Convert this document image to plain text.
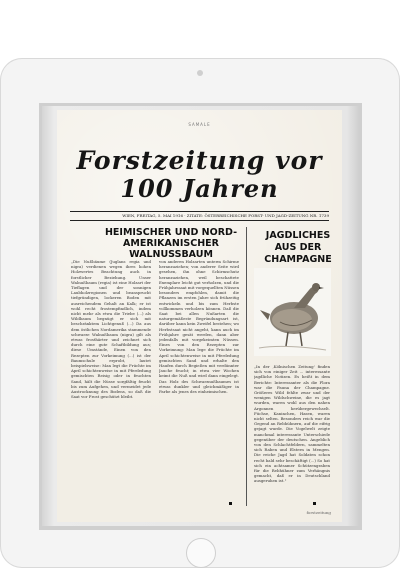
SAMALE
Forstzeitung vor
100 Jahren
WIEN, FREITAG, 5. MAI 1916 · ZITATE: ÖSTERREICHISCHE FORST- UND JAGD-ZEITUNG NR. 1739
HEIMISCHER UND NORD-AMERIKANISCHER WALNUSSBAUM
„Die Nußbäume (Juglans regia und nigra) verdienen wegen ihres hohen Holzwertes Beachtung auch in forstlicher Beziehung. Unser Walnußbaum (regia) ist eine Holzart der Tieflagen und der sonnigen Laubholzregionen und beansprucht tiefgründigen, lockeren Boden mit ausreichendem Gehalt an Kalk; er ist wohl recht frostempfindlich, indem nicht mehr als etwa die Triebe (...) als Wildbaum begnügt er sich mit beschränktem Lichtgenuß (...) Da aus dem östlichen Nordamerika stammende schwarze Walnußbaum (nigra) gilt als etwas frosthärter und zeichnet sich durch eine gute Schaftbildung aus; diese Umstände, Einen von den Rezepten zur Vorkeimung (...) ist der Baumschule erprobt, lautet beispielsweise: Man legt die Früchte im April schichtenweise in mit Pferdedung gemischten Reisig oder in feuchten Sand, hält die Nüsse sorgfältig feucht bis zum Aufgehen, und vermeidet jede Austrocknung des Bodens, so daß die Saat vor Frost geschützt bleibt.
von anderen Holzarten unterm Schirme heranzuziehen; von anderer Seite wird gesehen, ihn ohne Schirmschutz heranzuziehen, weil beschattete Exemplare leicht gut verholzen, und die Frühjahrssaat mit vorgequellten Nüssen besonders empfohlen, damit die Pflanzen im ersten Jahre sich frühzeitig entwickeln und bis zum Herbste vollkommen verholzen können. Daß die Saat bei allen Nußarten die naturgemäßeste Begründungsart ist, darüber kann kein Zweifel bestehen; wo Herbstsaat nicht angeht, kann auch im Frühjahre gesät werden, dann aber jedenfalls mit vorgekeimten Nüssen. Eines von den Rezepten zur Vorkeimung: Man lege die Früchte im April schichtenweise in mit Pferdedung gemischten Sand und erhalte den Haufen durch Begießen mit verdünnter Jauche feucht; in etwa vier Wochen keimt die Nuß und wird dann eingelegt. Das Holz des Schwarznußbaumes ist etwas dunkler und gleichmäßiger in Farbe als jenes des einheimischen.
JAGDLICHES AUS DER CHAMPAGNE
„In der ‚Kölnischen Zeitung' finden sich von einiger Zeit ... interessante jagdliche Notizen. Es heißt in dem Berichte: Interessanter als die Flora war die Fauna der Champagne. Größeres Wild fehlte zwar und der wenigen Wildschweine, die es jagt wurden, waren wohl aus den nahen Argonnen herübergewechselt. Füchse, Kaninchen, Hasen, waren nicht selten. Besonders reich war die Gegend an Rebhühnern, auf die eifrig gejagt wurde. Die Vogelwelt zeigte manchmal interessante Unterschiede gegenüber der deutschen. Angeblich von den Schlachtfeldern, sammelten sich Raben und Elstern in Mengen. Die reiche Jagd hat Soldaten schon recht bald sehr beschäftigt (...) So hat sich ein achtsamer Schützengraben für die Rebhühner zum Verhängnis gemacht, daß er in Deutschland ausgeruhen ist."
forstzeitung
